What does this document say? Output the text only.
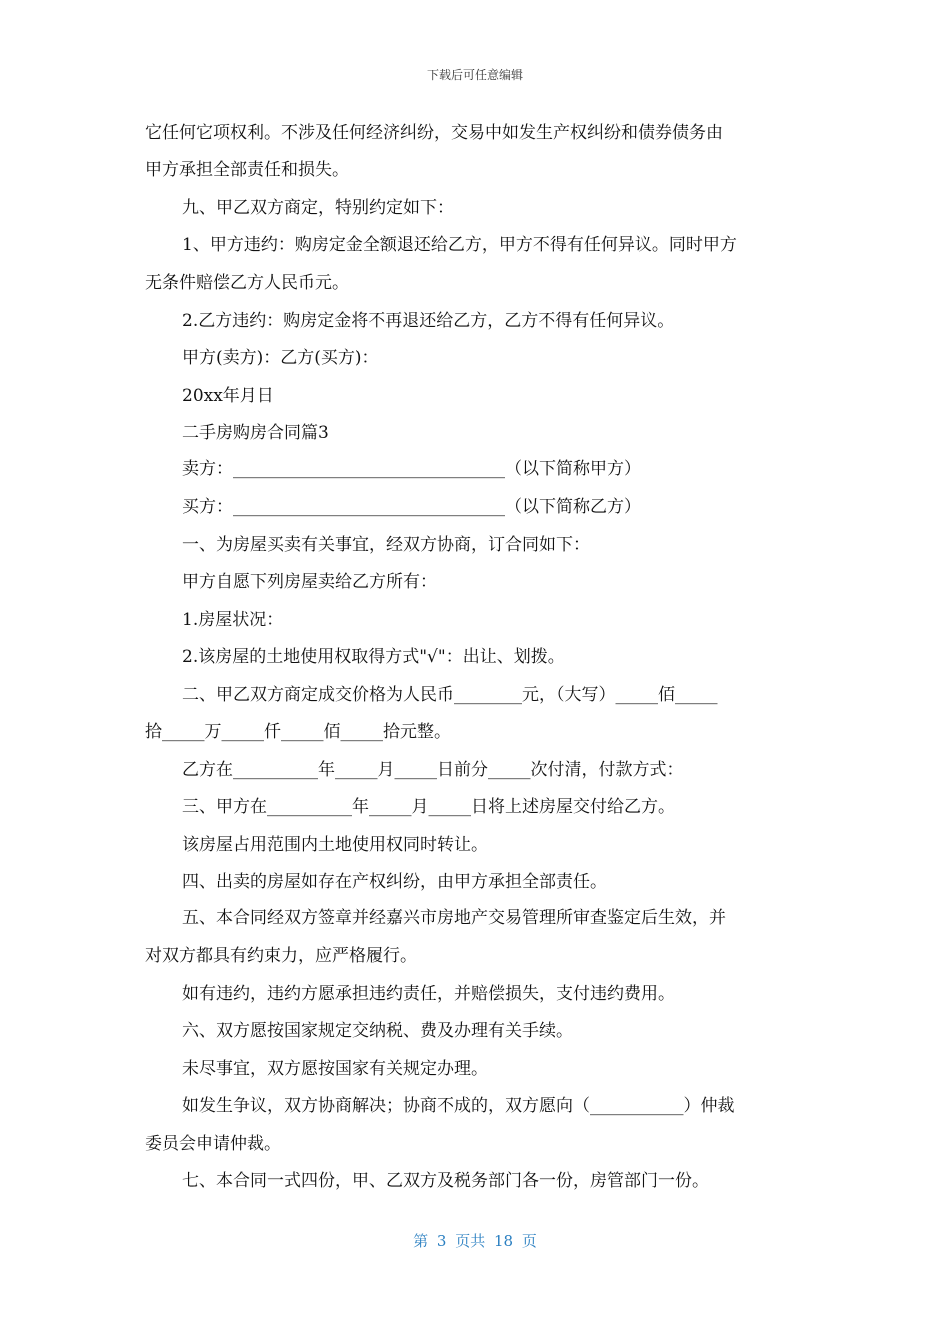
下载后可任意编辑
它任何它项权利。不涉及任何经济纠纷，交易中如发生产权纠纷和债券债务由
甲方承担全部责任和损失。
九、甲乙双方商定，特别约定如下：
1、甲方违约：购房定金全额退还给乙方，甲方不得有任何异议。同时甲方
无条件赔偿乙方人民币元。
2.乙方违约：购房定金将不再退还给乙方，乙方不得有任何异议。
甲方(卖方)：乙方(买方)：
20xx年月日
二手房购房合同篇3
卖方：________________________________（以下简称甲方）
买方：________________________________（以下简称乙方）
一、为房屋买卖有关事宜，经双方协商，订合同如下：
甲方自愿下列房屋卖给乙方所有：
1.房屋状况：
2.该房屋的土地使用权取得方式"√"：出让、划拨。
二、甲乙双方商定成交价格为人民币________元，（大写）_____佰_____
拾_____万_____仟_____佰_____拾元整。
乙方在__________年_____月_____日前分_____次付清，付款方式：
三、甲方在__________年_____月_____日将上述房屋交付给乙方。
该房屋占用范围内土地使用权同时转让。
四、出卖的房屋如存在产权纠纷，由甲方承担全部责任。
五、本合同经双方签章并经嘉兴市房地产交易管理所审查鉴定后生效，并
对双方都具有约束力，应严格履行。
如有违约，违约方愿承担违约责任，并赔偿损失，支付违约费用。
六、双方愿按国家规定交纳税、费及办理有关手续。
未尽事宜，双方愿按国家有关规定办理。
如发生争议，双方协商解决；协商不成的，双方愿向（___________）仲裁
委员会申请仲裁。
七、本合同一式四份，甲、乙双方及税务部门各一份，房管部门一份。
第 3 页共 18 页
